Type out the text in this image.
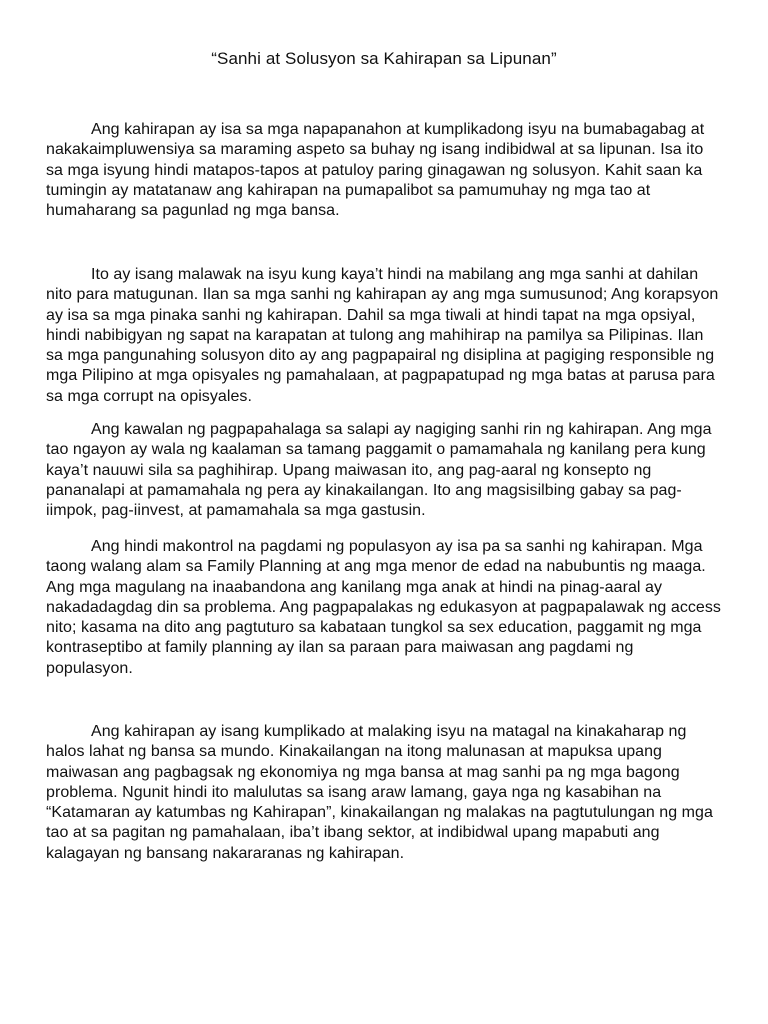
“Sanhi at Solusyon sa Kahirapan sa Lipunan”

Ang kahirapan ay isa sa mga napapanahon at kumplikadong isyu na bumabagabag at nakakaimpluwensiya sa maraming aspeto sa buhay ng isang indibidwal at sa lipunan. Isa ito sa mga isyung hindi matapos-tapos at patuloy paring ginagawan ng solusyon. Kahit saan ka tumingin ay matatanaw ang kahirapan na pumapalibot sa pamumuhay ng mga tao at humaharang sa pagunlad ng mga bansa.

Ito ay isang malawak na isyu kung kaya’t hindi na mabilang ang mga sanhi at dahilan nito para matugunan. Ilan sa mga sanhi ng kahirapan ay ang mga sumusunod; Ang korapsyon ay isa sa mga pinaka sanhi ng kahirapan. Dahil sa mga tiwali at hindi tapat na mga opsiyal, hindi nabibigyan ng sapat na karapatan at tulong ang mahihirap na pamilya sa Pilipinas. Ilan sa mga pangunahing solusyon dito ay ang pagpapairal ng disiplina at pagiging responsible ng mga Pilipino at mga opisyales ng pamahalaan, at pagpapatupad ng mga batas at parusa para sa mga corrupt na opisyales.

Ang kawalan ng pagpapahalaga sa salapi ay nagiging sanhi rin ng kahirapan. Ang mga tao ngayon ay wala ng kaalaman sa tamang paggamit o pamamahala ng kanilang pera kung kaya’t nauuwi sila sa paghihirap. Upang maiwasan ito, ang pag-aaral ng konsepto ng pananalapi at pamamahala ng pera ay kinakailangan. Ito ang magsisilbing gabay sa pag-iimpok, pag-iinvest, at pamamahala sa mga gastusin.

Ang hindi makontrol na pagdami ng populasyon ay isa pa sa sanhi ng kahirapan. Mga taong walang alam sa Family Planning at ang mga menor de edad na nabubuntis ng maaga. Ang mga magulang na inaabandona ang kanilang mga anak at hindi na pinag-aaral ay nakadadagdag din sa problema. Ang pagpapalakas ng edukasyon at pagpapalawak ng access nito; kasama na dito ang pagtuturo sa kabataan tungkol sa sex education, paggamit ng mga kontraseptibo at family planning ay ilan sa paraan para maiwasan ang pagdami ng populasyon.

Ang kahirapan ay isang kumplikado at malaking isyu na matagal na kinakaharap ng halos lahat ng bansa sa mundo. Kinakailangan na itong malunasan at mapuksa upang maiwasan ang pagbagsak ng ekonomiya ng mga bansa at mag sanhi pa ng mga bagong problema. Ngunit hindi ito malulutas sa isang araw lamang, gaya nga ng kasabihan na “Katamaran ay katumbas ng Kahirapan”, kinakailangan ng malakas na pagtutulungan ng mga tao at sa pagitan ng pamahalaan, iba’t ibang sektor, at indibidwal upang mapabuti ang kalagayan ng bansang nakararanas ng kahirapan.
